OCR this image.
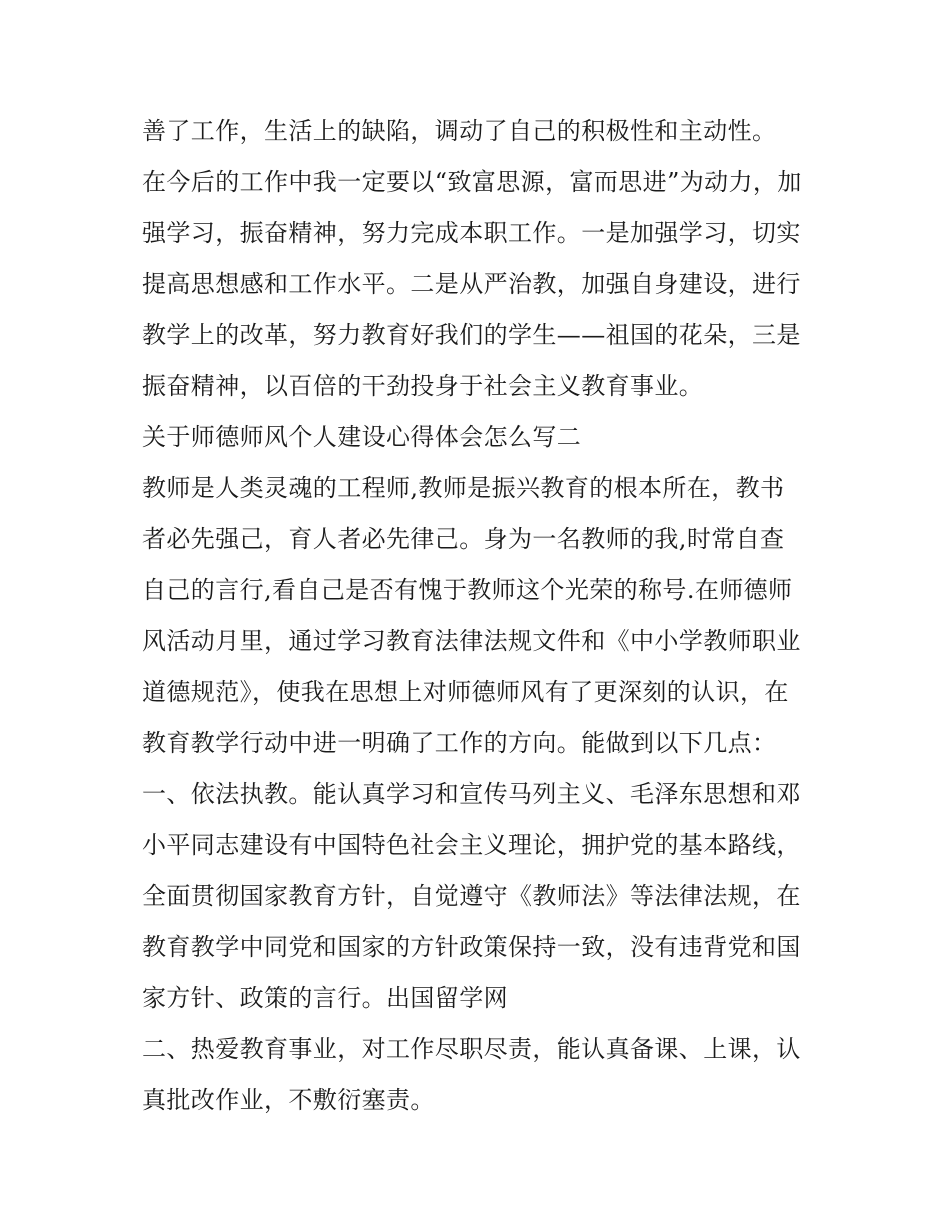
善了工作，生活上的缺陷，调动了自己的积极性和主动性。
在今后的工作中我一定要以“致富思源，富而思进”为动力，加
强学习，振奋精神，努力完成本职工作。一是加强学习，切实
提高思想感和工作水平。二是从严治教，加强自身建设，进行
教学上的改革，努力教育好我们的学生——祖国的花朵，三是
振奋精神，以百倍的干劲投身于社会主义教育事业。
关于师德师风个人建设心得体会怎么写二
教师是人类灵魂的工程师,教师是振兴教育的根本所在，教书
者必先强己，育人者必先律己。身为一名教师的我,时常自查
自己的言行,看自己是否有愧于教师这个光荣的称号.在师德师
风活动月里，通过学习教育法律法规文件和《中小学教师职业
道德规范》，使我在思想上对师德师风有了更深刻的认识，在
教育教学行动中进一明确了工作的方向。能做到以下几点：
一、依法执教。能认真学习和宣传马列主义、毛泽东思想和邓
小平同志建设有中国特色社会主义理论，拥护党的基本路线，
全面贯彻国家教育方针，自觉遵守《教师法》等法律法规，在
教育教学中同党和国家的方针政策保持一致，没有违背党和国
家方针、政策的言行。出国留学网
二、热爱教育事业，对工作尽职尽责，能认真备课、上课，认
真批改作业，不敷衍塞责。
